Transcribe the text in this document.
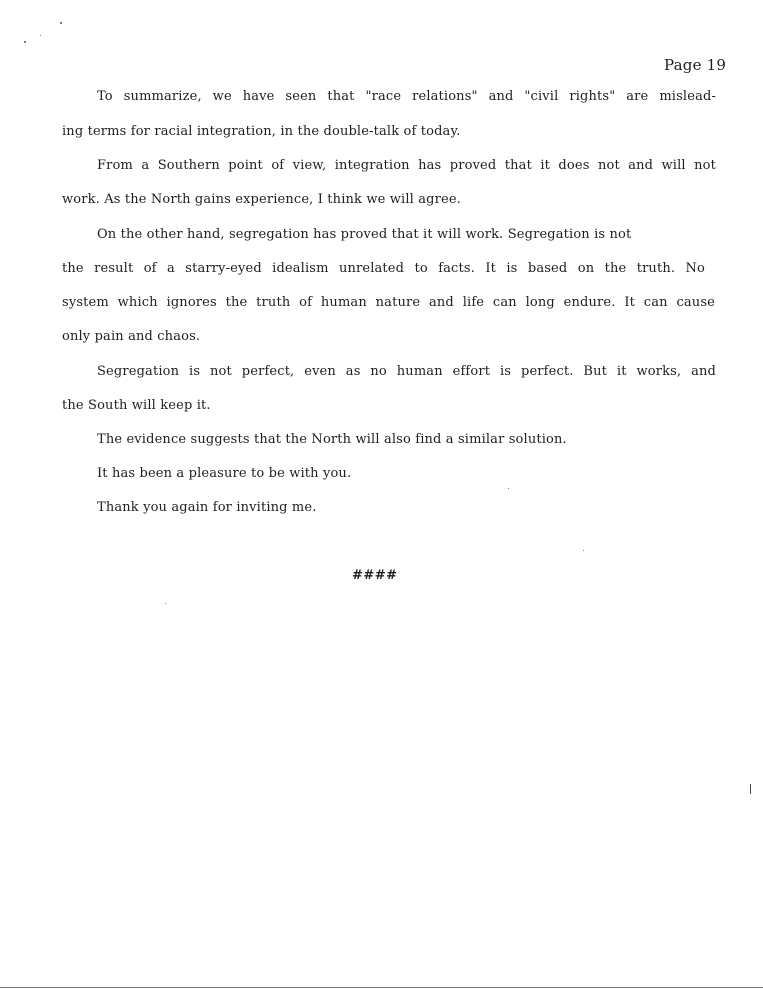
Page 19
To summarize, we have seen that "race relations" and "civil rights" are mislead-
ing terms for racial integration, in the double-talk of today.
From a Southern point of view, integration has proved that it does not and will not
work. As the North gains experience, I think we will agree.
On the other hand, segregation has proved that it will work. Segregation is not
the result of a starry-eyed idealism unrelated to facts. It is based on the truth. No
system which ignores the truth of human nature and life can long endure. It can cause
only pain and chaos.
Segregation is not perfect, even as no human effort is perfect. But it works, and
the South will keep it.
The evidence suggests that the North will also find a similar solution.
It has been a pleasure to be with you.
Thank you again for inviting me.
####
